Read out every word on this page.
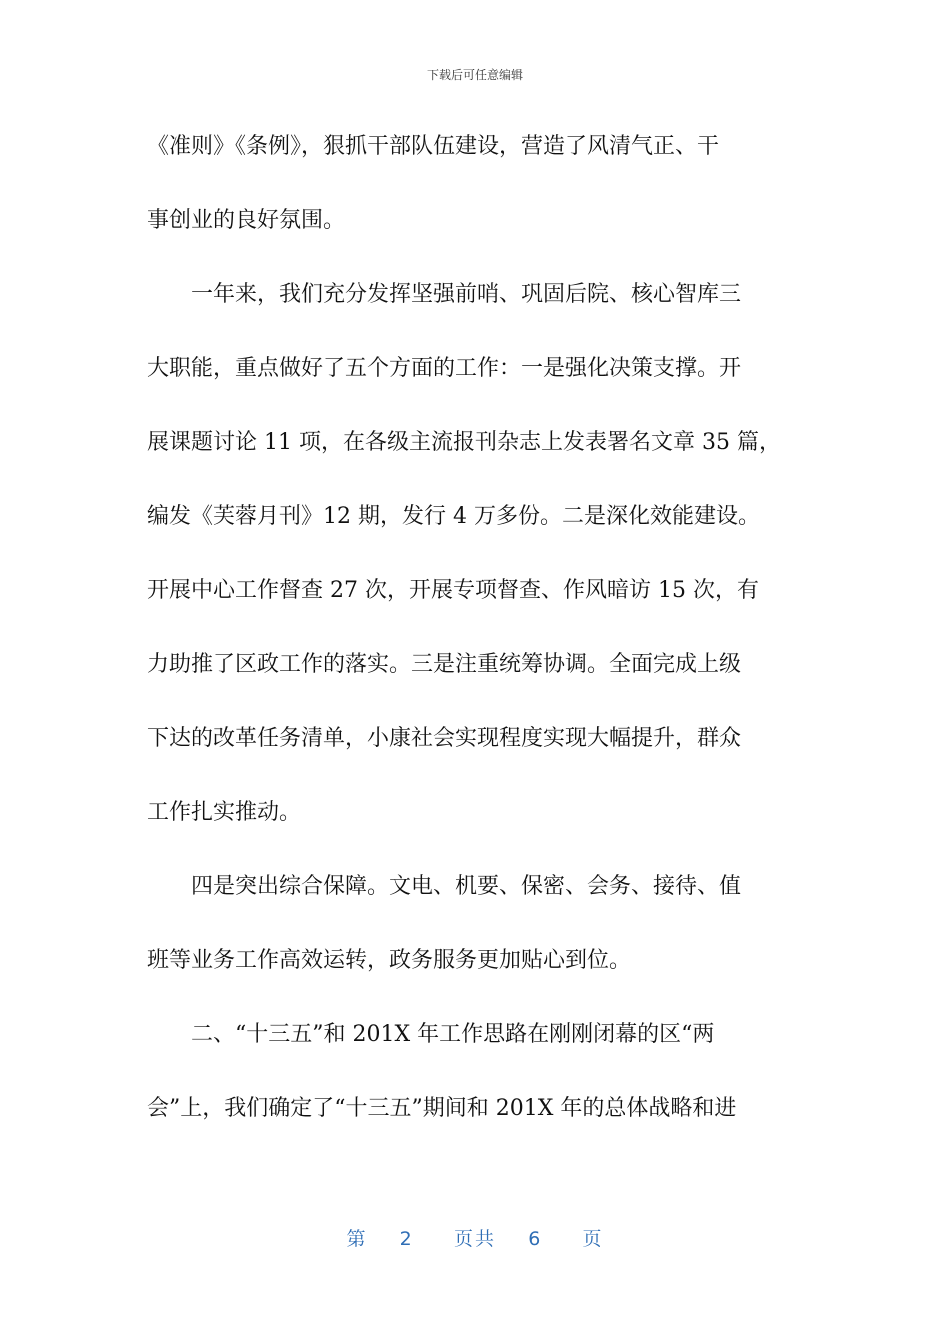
下载后可任意编辑
《准则》《条例》，狠抓干部队伍建设，营造了风清气正、干
事创业的良好氛围。
一年来，我们充分发挥坚强前哨、巩固后院、核心智库三
大职能，重点做好了五个方面的工作：一是强化决策支撑。开
展课题讨论 11 项，在各级主流报刊杂志上发表署名文章 35 篇，
编发《芙蓉月刊》12 期，发行 4 万多份。二是深化效能建设。
开展中心工作督查 27 次，开展专项督查、作风暗访 15 次，有
力助推了区政工作的落实。三是注重统筹协调。全面完成上级
下达的改革任务清单，小康社会实现程度实现大幅提升，群众
工作扎实推动。
四是突出综合保障。文电、机要、保密、会务、接待、值
班等业务工作高效运转，政务服务更加贴心到位。
二、“十三五”和 201X 年工作思路在刚刚闭幕的区“两
会”上，我们确定了“十三五”期间和 201X 年的总体战略和进
第 2 页共 6 页
